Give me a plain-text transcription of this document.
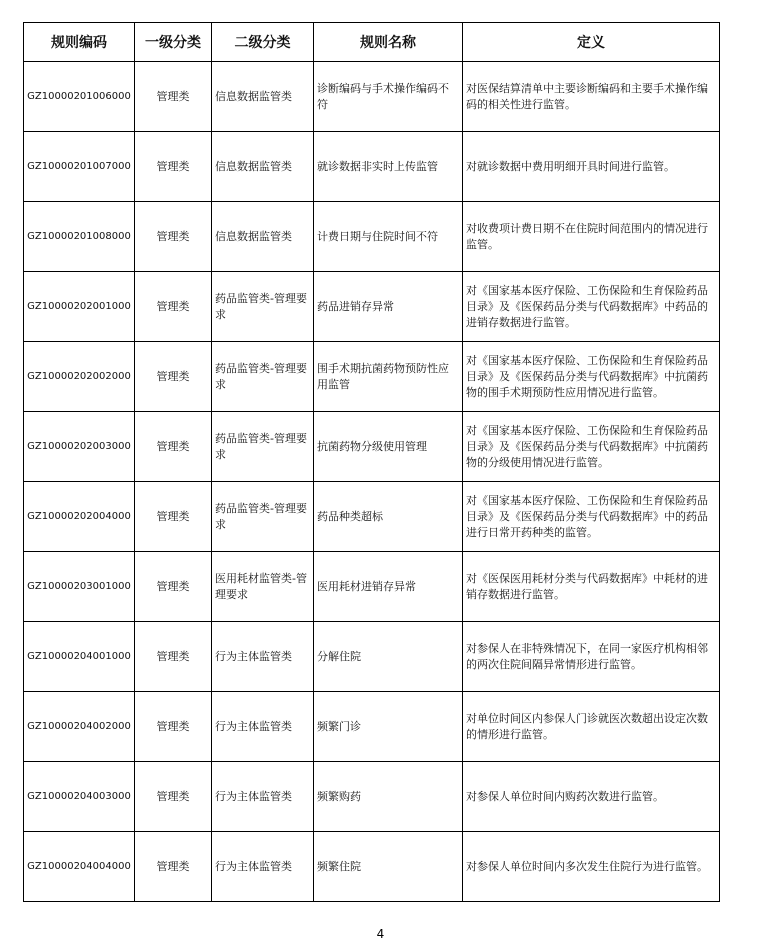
规则编码	一级分类	二级分类	规则名称	定义
GZ10000201006000	管理类	信息数据监管类	诊断编码与手术操作编码不符	对医保结算清单中主要诊断编码和主要手术操作编码的相关性进行监管。
GZ10000201007000	管理类	信息数据监管类	就诊数据非实时上传监管	对就诊数据中费用明细开具时间进行监管。
GZ10000201008000	管理类	信息数据监管类	计费日期与住院时间不符	对收费项计费日期不在住院时间范围内的情况进行监管。
GZ10000202001000	管理类	药品监管类-管理要求	药品进销存异常	对《国家基本医疗保险、工伤保险和生育保险药品目录》及《医保药品分类与代码数据库》中药品的进销存数据进行监管。
GZ10000202002000	管理类	药品监管类-管理要求	围手术期抗菌药物预防性应用监管	对《国家基本医疗保险、工伤保险和生育保险药品目录》及《医保药品分类与代码数据库》中抗菌药物的围手术期预防性应用情况进行监管。
GZ10000202003000	管理类	药品监管类-管理要求	抗菌药物分级使用管理	对《国家基本医疗保险、工伤保险和生育保险药品目录》及《医保药品分类与代码数据库》中抗菌药物的分级使用情况进行监管。
GZ10000202004000	管理类	药品监管类-管理要求	药品种类超标	对《国家基本医疗保险、工伤保险和生育保险药品目录》及《医保药品分类与代码数据库》中的药品进行日常开药种类的监管。
GZ10000203001000	管理类	医用耗材监管类-管理要求	医用耗材进销存异常	对《医保医用耗材分类与代码数据库》中耗材的进销存数据进行监管。
GZ10000204001000	管理类	行为主体监管类	分解住院	对参保人在非特殊情况下，在同一家医疗机构相邻的两次住院间隔异常情形进行监管。
GZ10000204002000	管理类	行为主体监管类	频繁门诊	对单位时间区内参保人门诊就医次数超出设定次数的情形进行监管。
GZ10000204003000	管理类	行为主体监管类	频繁购药	对参保人单位时间内购药次数进行监管。
GZ10000204004000	管理类	行为主体监管类	频繁住院	对参保人单位时间内多次发生住院行为进行监管。
4
